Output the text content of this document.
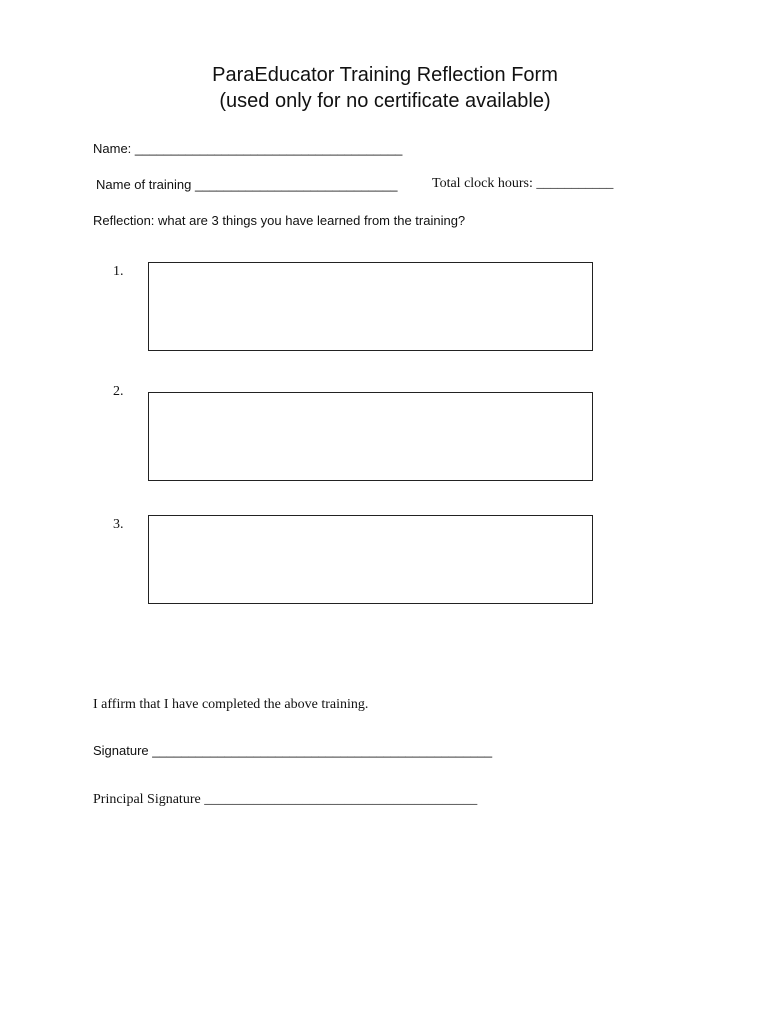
ParaEducator Training Reflection Form
(used only for no certificate available)
Name: _____________________________________
Name of training ____________________________ Total clock hours: ___________
Reflection: what are 3 things you have learned from the training?
1.
2.
3.
I affirm that I have completed the above training.
Signature _______________________________________________
Principal Signature _______________________________________
